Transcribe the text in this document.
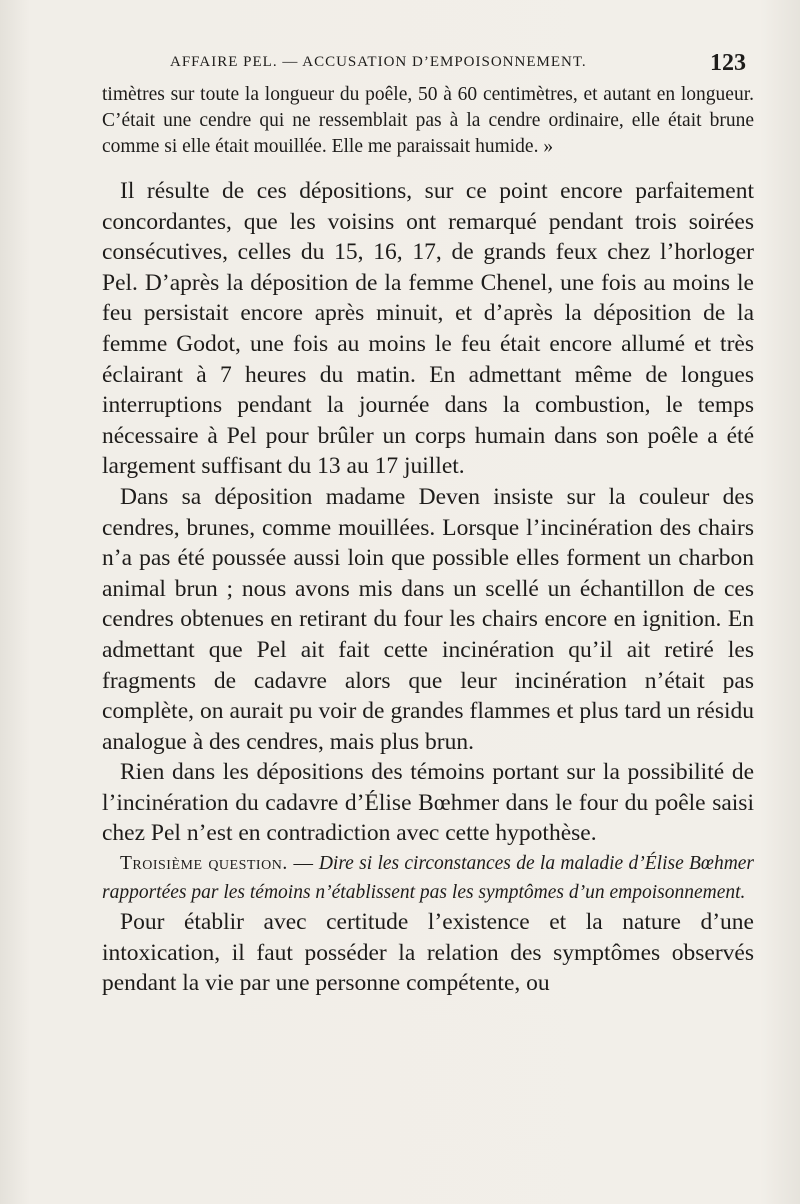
AFFAIRE PEL. — ACCUSATION D’EMPOISONNEMENT.	123

timètres sur toute la longueur du poêle, 50 à 60 centimètres, et autant en longueur. C’était une cendre qui ne ressemblait pas à la cendre ordinaire, elle était brune comme si elle était mouillée. Elle me paraissait humide. »

Il résulte de ces dépositions, sur ce point encore parfaitement concordantes, que les voisins ont remarqué pendant trois soirées consécutives, celles du 15, 16, 17, de grands feux chez l’horloger Pel. D’après la déposition de la femme Chenel, une fois au moins le feu persistait encore après minuit, et d’après la déposition de la femme Godot, une fois au moins le feu était encore allumé et très éclairant à 7 heures du matin. En admettant même de longues interruptions pendant la journée dans la combustion, le temps nécessaire à Pel pour brûler un corps humain dans son poêle a été largement suffisant du 13 au 17 juillet.

Dans sa déposition madame Deven insiste sur la couleur des cendres, brunes, comme mouillées. Lorsque l’incinération des chairs n’a pas été poussée aussi loin que possible elles forment un charbon animal brun ; nous avons mis dans un scellé un échantillon de ces cendres obtenues en retirant du four les chairs encore en ignition. En admettant que Pel ait fait cette incinération qu’il ait retiré les fragments de cadavre alors que leur incinération n’était pas complète, on aurait pu voir de grandes flammes et plus tard un résidu analogue à des cendres, mais plus brun.

Rien dans les dépositions des témoins portant sur la possibilité de l’incinération du cadavre d’Élise Bœhmer dans le four du poêle saisi chez Pel n’est en contradiction avec cette hypothèse.

Troisième question. — Dire si les circonstances de la maladie d’Élise Bœhmer rapportées par les témoins n’établissent pas les symptômes d’un empoisonnement.

Pour établir avec certitude l’existence et la nature d’une intoxication, il faut posséder la relation des symptômes observés pendant la vie par une personne compétente, ou
